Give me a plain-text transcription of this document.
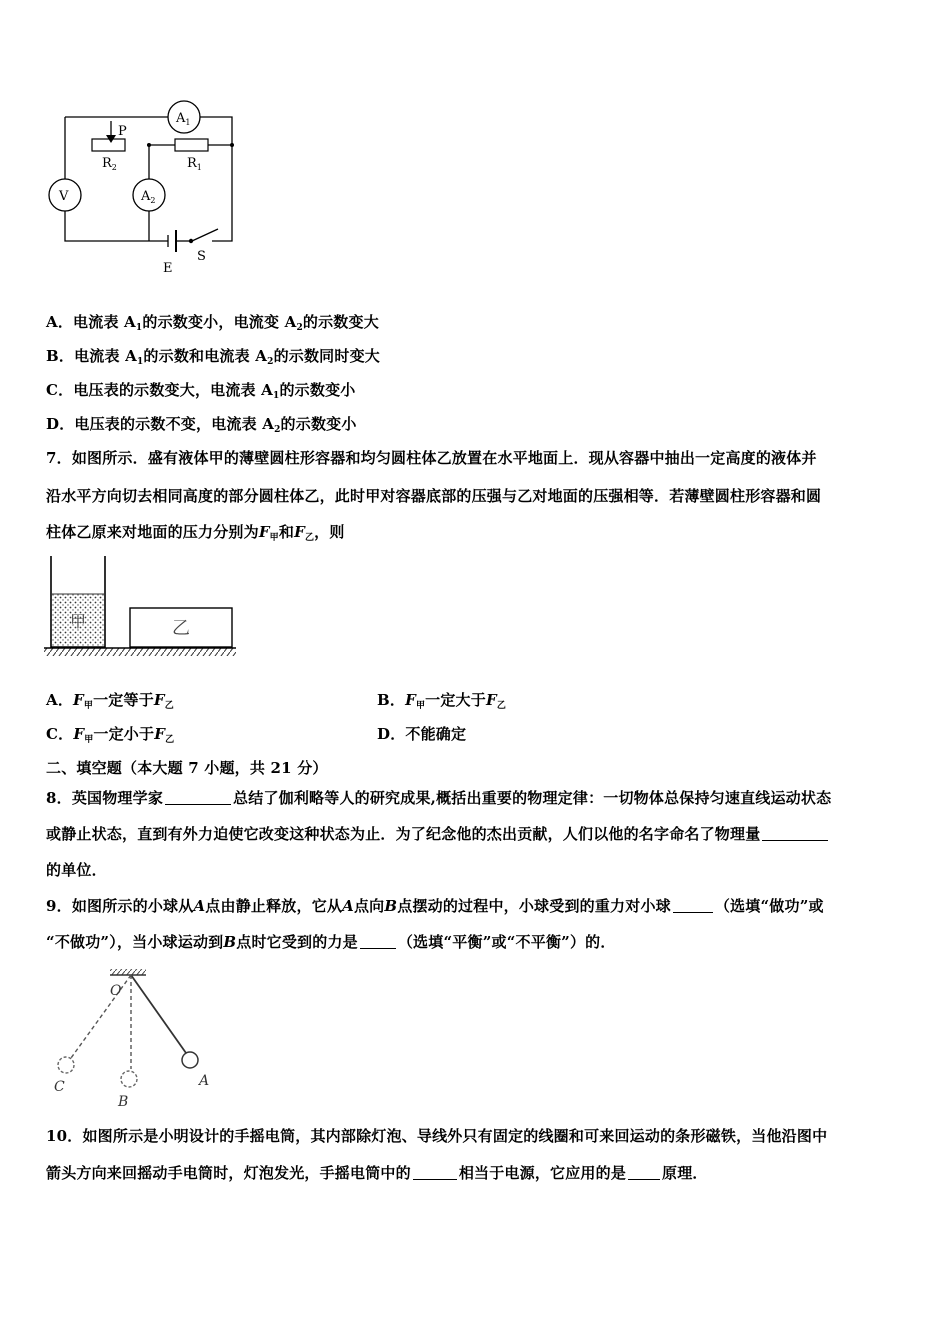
$A_1$
V	$A_2$
P
$R_2$	$R_1$
E
S
A．电流表 $A_1$的示数变小，电流变 $A_2$的示数变大
B．电流表 $A_1$的示数和电流表 $A_2$的示数同时变大
C．电压表的示数变大，电流表 $A_1$的示数变小
D．电压表的示数不变，电流表 $A_2$的示数变小
7．如图所示．盛有液体甲的薄壁圆柱形容器和均匀圆柱体乙放置在水平地面上．现从容器中抽出一定高度的液体并
沿水平方向切去相同高度的部分圆柱体乙，此时甲对容器底部的压强与乙对地面的压强相等．若薄壁圆柱形容器和圆
柱体乙原来对地面的压力分别为$F_甲$和$F_乙$，则
甲	乙
A．$F_甲$一定等于$F_乙$	B．$F_甲$一定大于$F_乙$
C．$F_甲$一定小于$F_乙$	D．不能确定
二、填空题（本大题 7 小题，共 21 分）
8．英国物理学家	总结了伽利略等人的研究成果,概括出重要的物理定律：一切物体总保持匀速直线运动状态
或静止状态，直到有外力迫使它改变这种状态为止．为了纪念他的杰出贡献，人们以他的名字命名了物理量
的单位．
9．如图所示的小球从A点由静止释放，它从A点向B点摆动的过程中，小球受到的重力对小球	（选填“做功”或
“不做功”），当小球运动到B点时它受到的力是	（选填“平衡”或“不平衡”）的．
O
A
B
C
10．如图所示是小明设计的手摇电筒，其内部除灯泡、导线外只有固定的线圈和可来回运动的条形磁铁，当他沿图中
箭头方向来回摇动手电筒时，灯泡发光，手摇电筒中的	相当于电源，它应用的是 原理．
